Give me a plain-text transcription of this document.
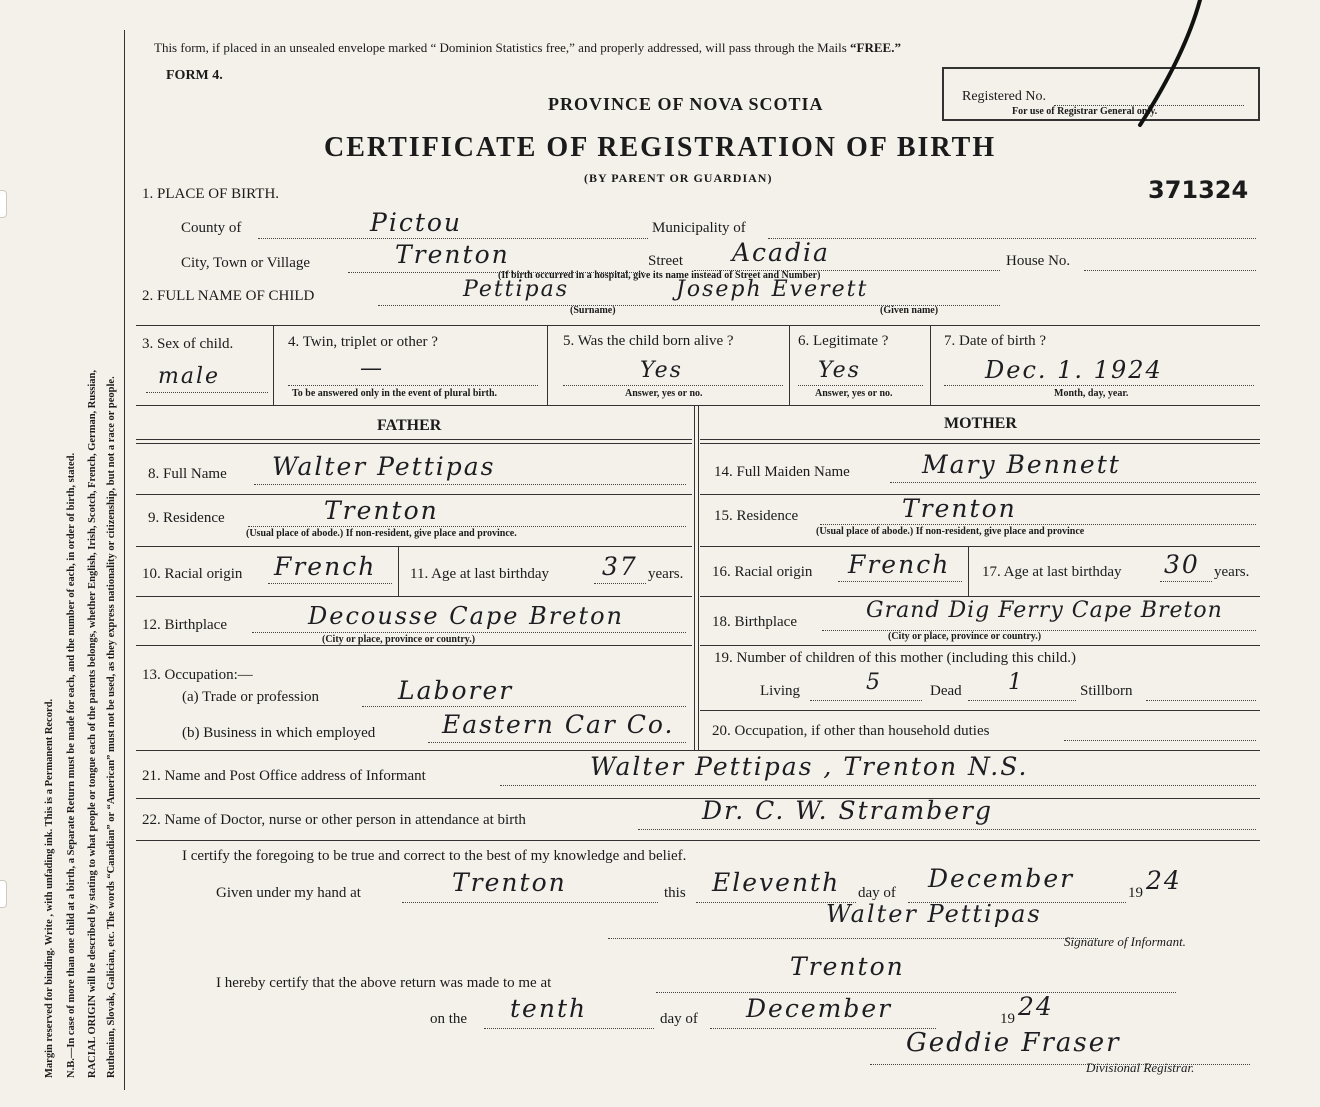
Margin reserved for binding. Write , with unfading ink. This is a Permanent Record. N.B.—In case of more than one child at a birth, a Separate Return must be made for each, and the number of each, in order of birth, stated. RACIAL ORIGIN will be described by stating to what people or tongue each of the parents belongs, whether English, Irish, Scotch, French, German, Russian, Ruthenian, Slovak, Galician, etc. The words “Canadian” or “American” must not be used, as they express nationality or citizenship, but not a race or people.
This form, if placed in an unsealed envelope marked “ Dominion Statistics free,” and properly addressed, will pass through the Mails “FREE.”
FORM 4.
PROVINCE OF NOVA SCOTIA
CERTIFICATE OF REGISTRATION OF BIRTH
(BY PARENT OR GUARDIAN)
Registered No.
For use of Registrar General only.
371324
1. PLACE OF BIRTH.
County of	Pictou	Municipality of
City, Town or Village	Trenton	Street Acadia	House No.
(If birth occurred in a hospital, give its name instead of Street and Number)
2. FULL NAME OF CHILD	Pettipas
(Surname)
Joseph Everett
(Given name)
3. Sex of child.
male
4. Twin, triplet or other ?
—
To be answered only in the event of plural birth.
5. Was the child born alive ?
Yes
Answer, yes or no.
6. Legitimate ?
Yes
Answer, yes or no.
7. Date of birth ?
Dec. 1. 1924
Month, day, year.
FATHER	MOTHER
8. Full Name Walter Pettipas
9. Residence	Trenton
(Usual place of abode.) If non-resident, give place and province.
10. Racial origin French 11. Age at last birthday 37 years.
12. Birthplace	Decousse Cape Breton
(City or place, province or country.)
13. Occupation:—
(a) Trade or profession	Laborer
(b) Business in which employed	Eastern Car Co.
14. Full Maiden Name	Mary Bennett
15. Residence	Trenton
(Usual place of abode.) If non-resident, give place and province
16. Racial origin French 17. Age at last birthday 30 years.
18. Birthplace	Grand Dig Ferry Cape Breton
(City or place, province or country.)
19. Number of children of this mother (including this child.)
Living	5	Dead 1	Stillborn
20. Occupation, if other than household duties
21. Name and Post Office address of Informant	Walter Pettipas , Trenton N.S.
22. Name of Doctor, nurse or other person in attendance at birth	Dr. C. W. Stramberg
I certify the foregoing to be true and correct to the best of my knowledge and belief.
Given under my hand at	Trenton	this Eleventh day of December	19 24
Walter Pettipas
Signature of Informant.
I hereby certify that the above return was made to me at
Trenton
on the tenth	day of December	19 24
Geddie Fraser
Divisional Registrar.
